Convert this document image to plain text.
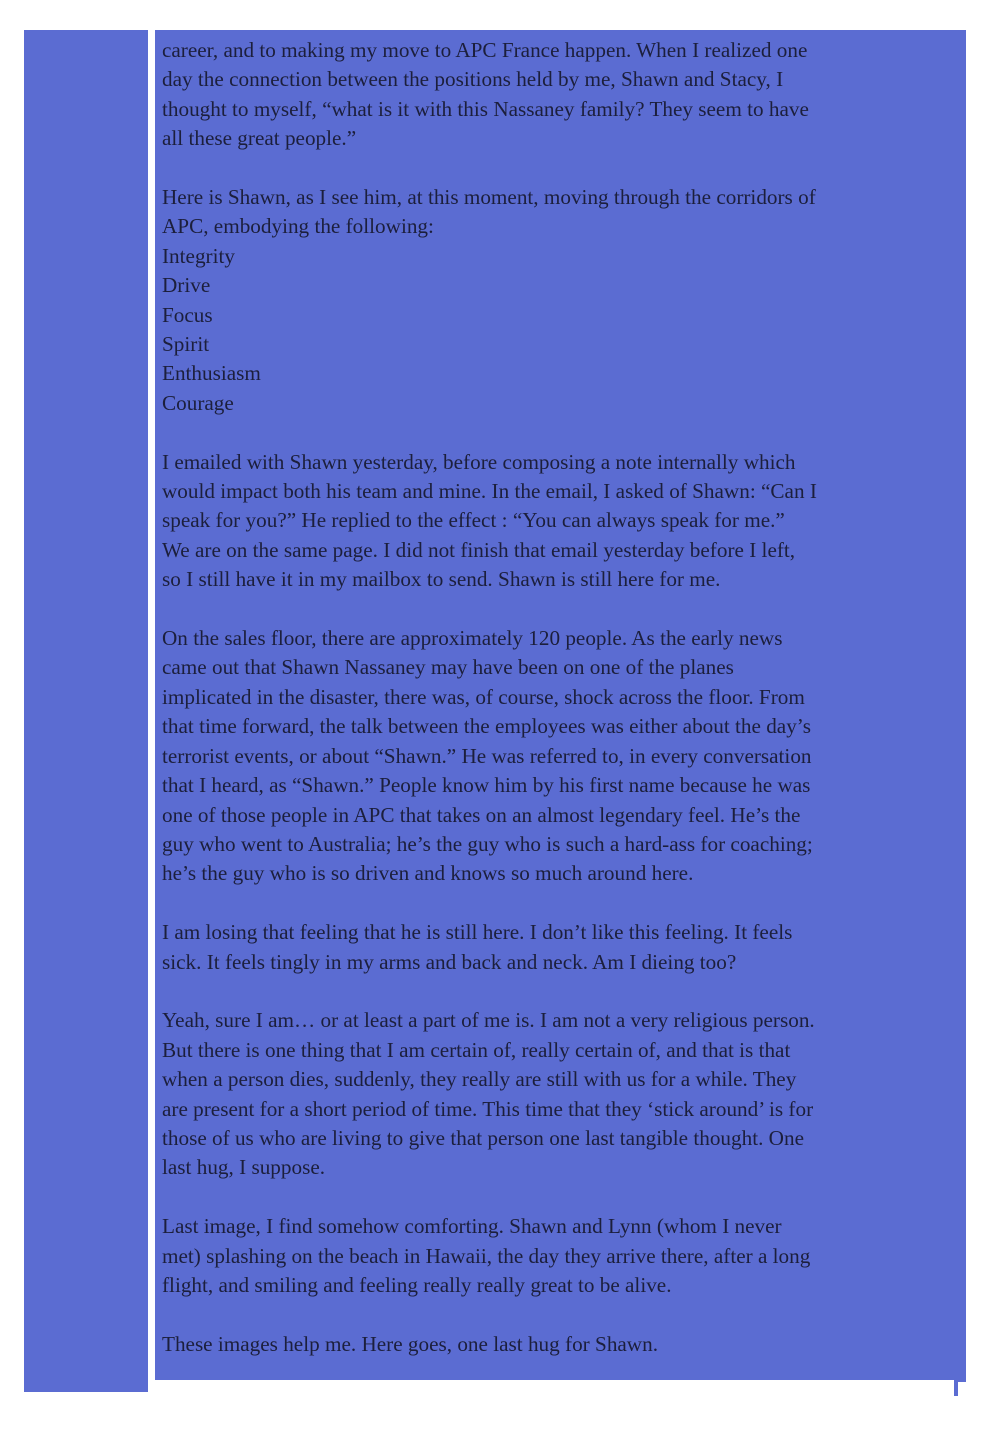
career, and to making my move to APC France happen. When I realized one
day the connection between the positions held by me, Shawn and Stacy, I
thought to myself, “what is it with this Nassaney family? They seem to have
all these great people.”
Here is Shawn, as I see him, at this moment, moving through the corridors of
APC, embodying the following:
Integrity
Drive
Focus
Spirit
Enthusiasm
Courage
I emailed with Shawn yesterday, before composing a note internally which
would impact both his team and mine. In the email, I asked of Shawn: “Can I
speak for you?” He replied to the effect : “You can always speak for me.”
We are on the same page. I did not finish that email yesterday before I left,
so I still have it in my mailbox to send. Shawn is still here for me.
On the sales floor, there are approximately 120 people. As the early news
came out that Shawn Nassaney may have been on one of the planes
implicated in the disaster, there was, of course, shock across the floor. From
that time forward, the talk between the employees was either about the day’s
terrorist events, or about “Shawn.” He was referred to, in every conversation
that I heard, as “Shawn.” People know him by his first name because he was
one of those people in APC that takes on an almost legendary feel. He’s the
guy who went to Australia; he’s the guy who is such a hard-ass for coaching;
he’s the guy who is so driven and knows so much around here.
I am losing that feeling that he is still here. I don’t like this feeling. It feels
sick. It feels tingly in my arms and back and neck. Am I dieing too?
Yeah, sure I am… or at least a part of me is. I am not a very religious person.
But there is one thing that I am certain of, really certain of, and that is that
when a person dies, suddenly, they really are still with us for a while. They
are present for a short period of time. This time that they ‘stick around’ is for
those of us who are living to give that person one last tangible thought. One
last hug, I suppose.
Last image, I find somehow comforting. Shawn and Lynn (whom I never
met) splashing on the beach in Hawaii, the day they arrive there, after a long
flight, and smiling and feeling really really great to be alive.
These images help me. Here goes, one last hug for Shawn.
